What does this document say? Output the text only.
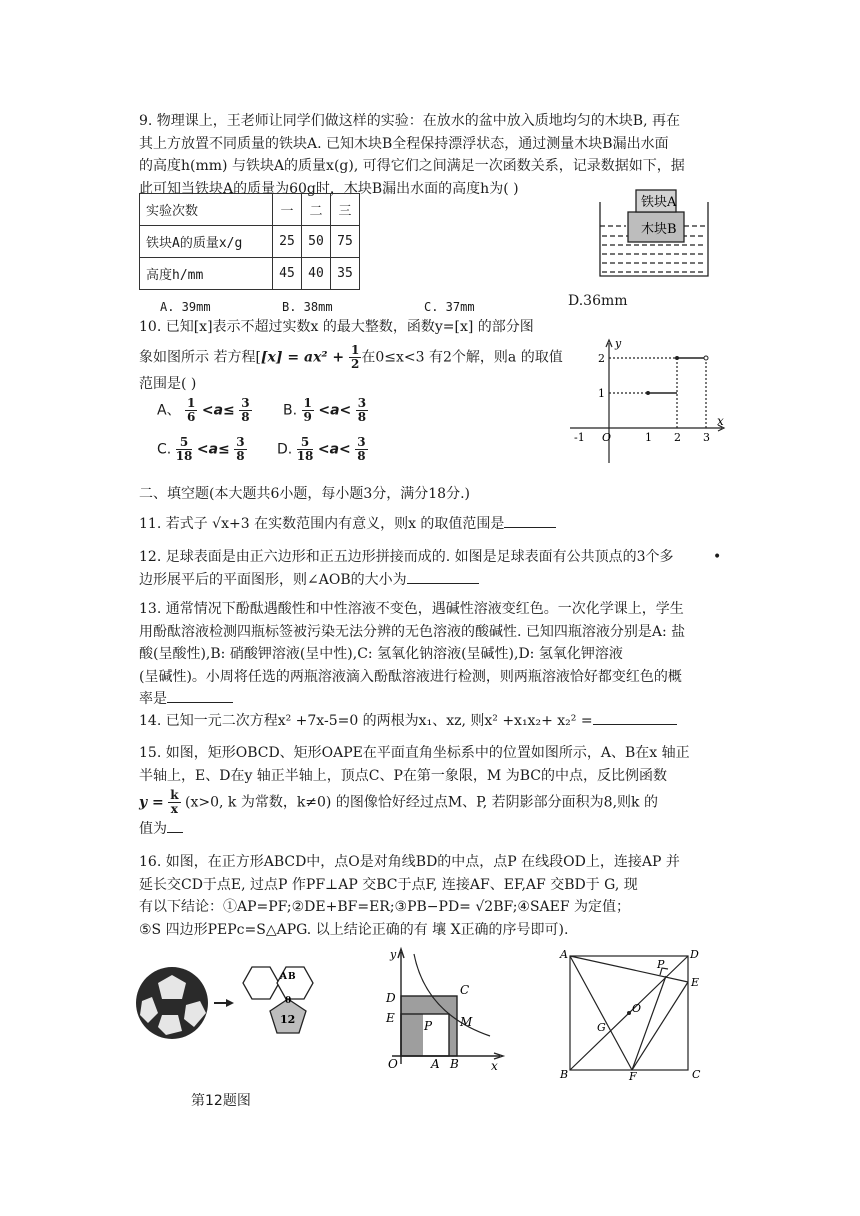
9. 物理课上，王老师让同学们做这样的实验：在放水的盆中放入质地均匀的木块B, 再在
其上方放置不同质量的铁块A. 已知木块B全程保持漂浮状态，通过测量木块B漏出水面
的高度h(mm) 与铁块A的质量x(g), 可得它们之间满足一次函数关系，记录数据如下，据
此可知当铁块A的质量为60g时，木块B漏出水面的高度h为( )
实验次数	一	二	三
铁块A的质量x/g	25	50	75
高度h/mm	45	40	35
A. 39mm	B. 38mm	C. 37mm	D.36mm
铁块A
木块B
10. 已知[x]表示不超过实数x 的最大整数，函数y=[x] 的部分图
象如图所示 若方程[$[x] = ax^2 + \frac{1}{2}$ 在0≤x<3 有2个解，则a 的取值
范围是( )
A、 $\frac{1}{6} <a\le \frac{3}{8} B$. $\frac{1}{9} <a< \frac{3}{8}$
C. $\frac{5}{18} <a\le \frac{3}{8} D$. $\frac{5}{18} <a< \frac{3}{8}$
y
x
O
-1	1 2 3
1
2
二、填空题(本大题共6小题，每小题3分，满分18分.)
11. 若式子 √x+3 在实数范围内有意义，则x 的取值范围是
12. 足球表面是由正六边形和正五边形拼接而成的. 如图是足球表面有公共顶点的3个多
边形展平后的平面图形，则∠AOB的大小为
•
13. 通常情况下酚酞遇酸性和中性溶液不变色，遇碱性溶液变红色。一次化学课上，学生
用酚酞溶液检测四瓶标签被污染无法分辨的无色溶液的酸碱性. 已知四瓶溶液分别是A: 盐
酸(呈酸性),B: 硝酸钾溶液(呈中性),C: 氢氧化钠溶液(呈碱性),D: 氢氧化钾溶液
(呈碱性)。小周将任选的两瓶溶液滴入酚酞溶液进行检测，则两瓶溶液恰好都变红色的概
率是
14. 已知一元二次方程x² +7x-5=0 的两根为x₁、xz, 则x² +x₁x₂+ x₂² =
15. 如图，矩形OBCD、矩形OAPE在平面直角坐标系中的位置如图所示，A、B在x 轴正
半轴上，E、D在y 轴正半轴上，顶点C、P在第一象限，M 为BC的中点，反比例函数
$y = \frac{k}{x} (x>0$, k 为常数，k≠0) 的图像恰好经过点M、P, 若阴影部分面积为8,则k 的
值为
16. 如图，在正方形ABCD中，点O是对角线BD的中点，点P 在线段OD上，连接AP 并
延长交CD于点E, 过点P 作PF⊥AP 交BC于点F, 连接AF、EF,AF 交BD于 G, 现
有以下结论：①AP=PF;②DE+BF=ER;③PB−PD= √2BF;④SAEF 为定值；
⑤S 四边形PEPc=S△APG. 以上结论正确的有 壤 X正确的序号即可).
A B
0
12
第12题图
y
x
O	A B
C
D
E
P M
A
B	C
D
E
F
G
O
P
